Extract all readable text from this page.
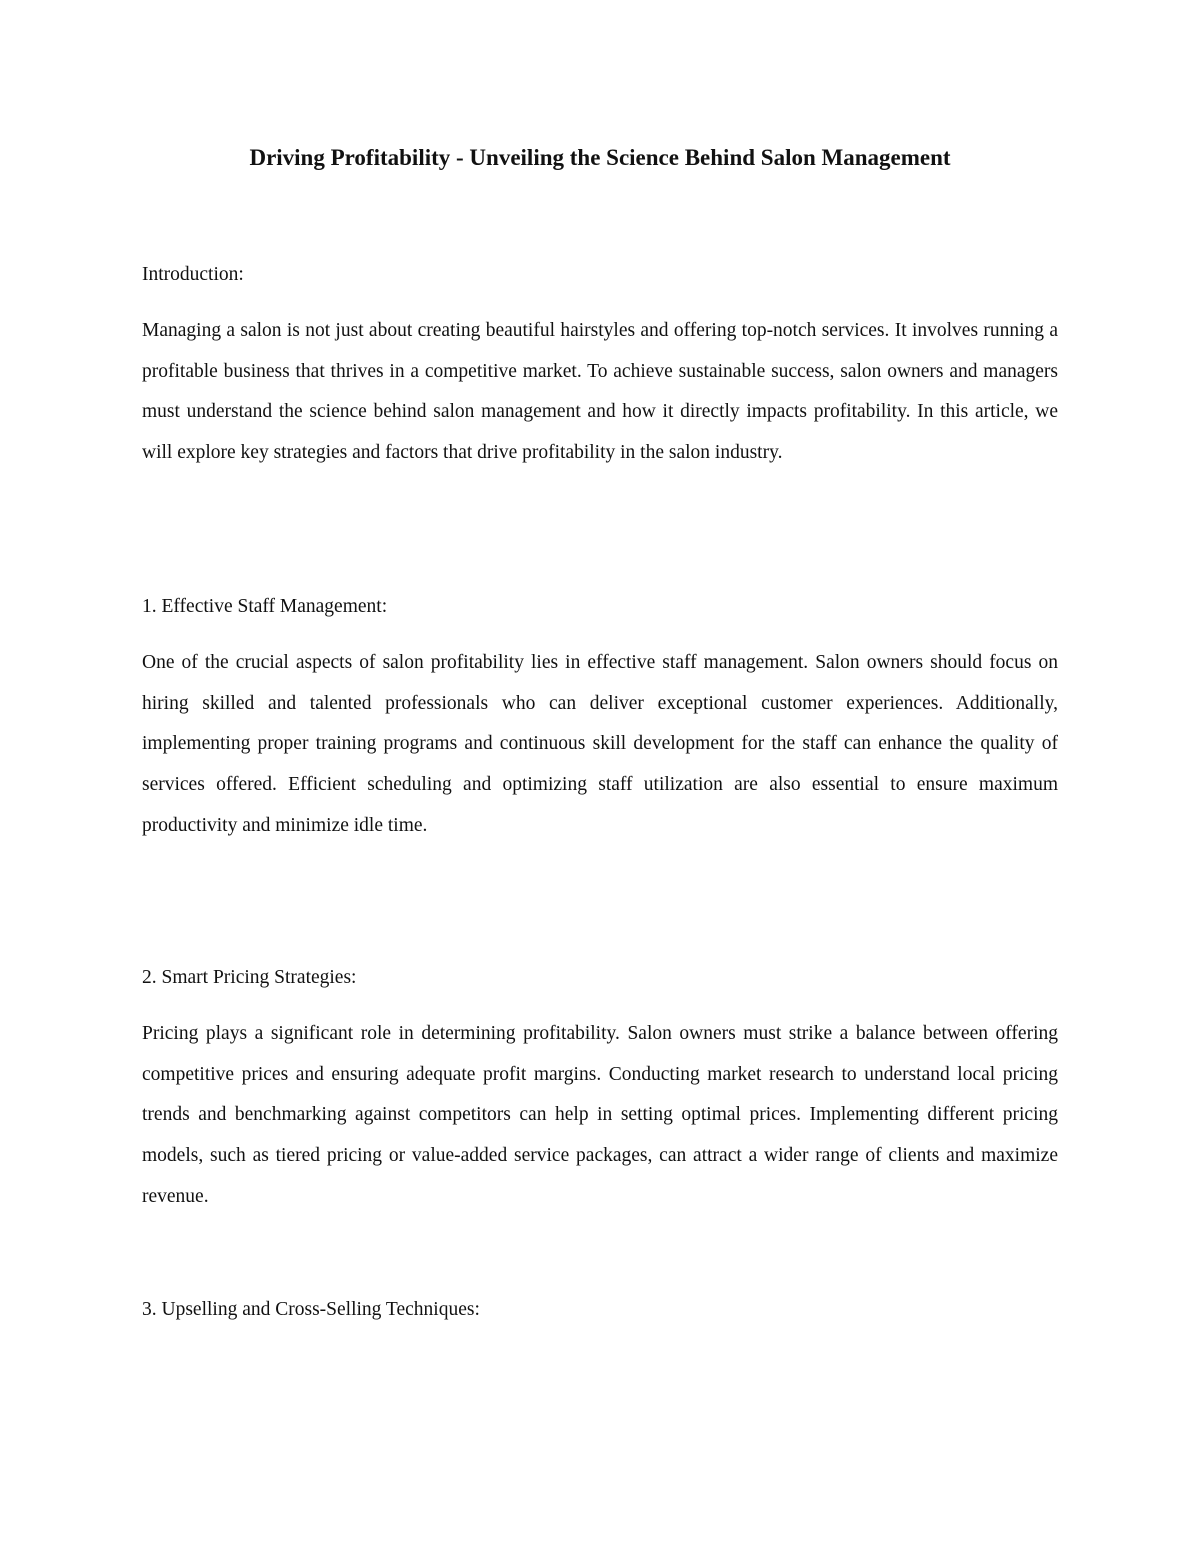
Driving Profitability - Unveiling the Science Behind Salon Management

Introduction:

Managing a salon is not just about creating beautiful hairstyles and offering top-notch services. It involves running a profitable business that thrives in a competitive market. To achieve sustainable success, salon owners and managers must understand the science behind salon management and how it directly impacts profitability. In this article, we will explore key strategies and factors that drive profitability in the salon industry.

1. Effective Staff Management:

One of the crucial aspects of salon profitability lies in effective staff management. Salon owners should focus on hiring skilled and talented professionals who can deliver exceptional customer experiences. Additionally, implementing proper training programs and continuous skill development for the staff can enhance the quality of services offered. Efficient scheduling and optimizing staff utilization are also essential to ensure maximum productivity and minimize idle time.

2. Smart Pricing Strategies:

Pricing plays a significant role in determining profitability. Salon owners must strike a balance between offering competitive prices and ensuring adequate profit margins. Conducting market research to understand local pricing trends and benchmarking against competitors can help in setting optimal prices. Implementing different pricing models, such as tiered pricing or value-added service packages, can attract a wider range of clients and maximize revenue.

3. Upselling and Cross-Selling Techniques:
